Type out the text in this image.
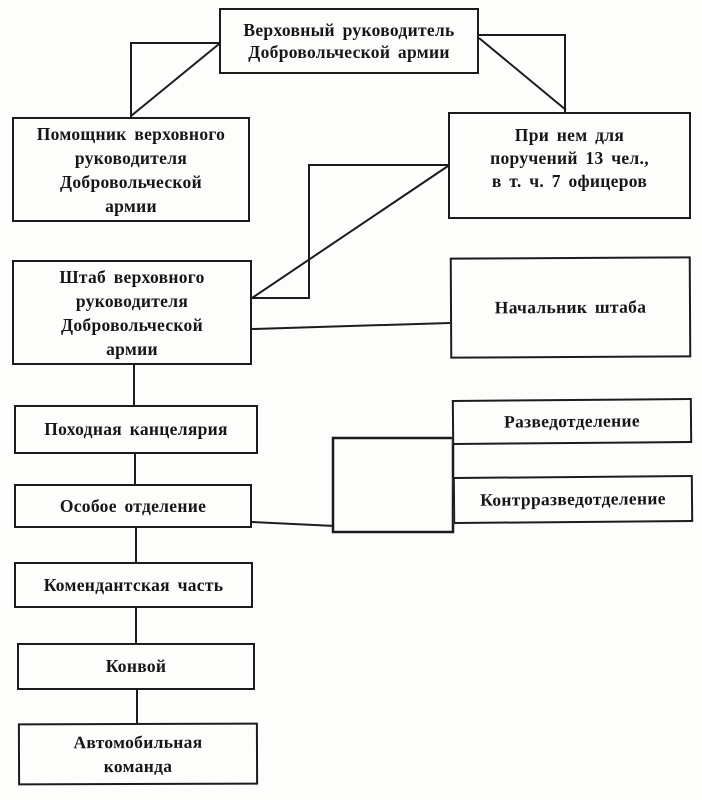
Верховный руководитель
Добровольческой армии
Помощник верховного
руководителя
Добровольческой
армии
При нем для
поручений 13 чел.,
в т. ч. 7 офицеров
Штаб верховного
руководителя
Добровольческой
армии
Начальник штаба
Походная канцелярия	Разведотделение
Особое отделение	Контрразведотделение
Комендантская часть
Конвой
Автомобильная
команда
